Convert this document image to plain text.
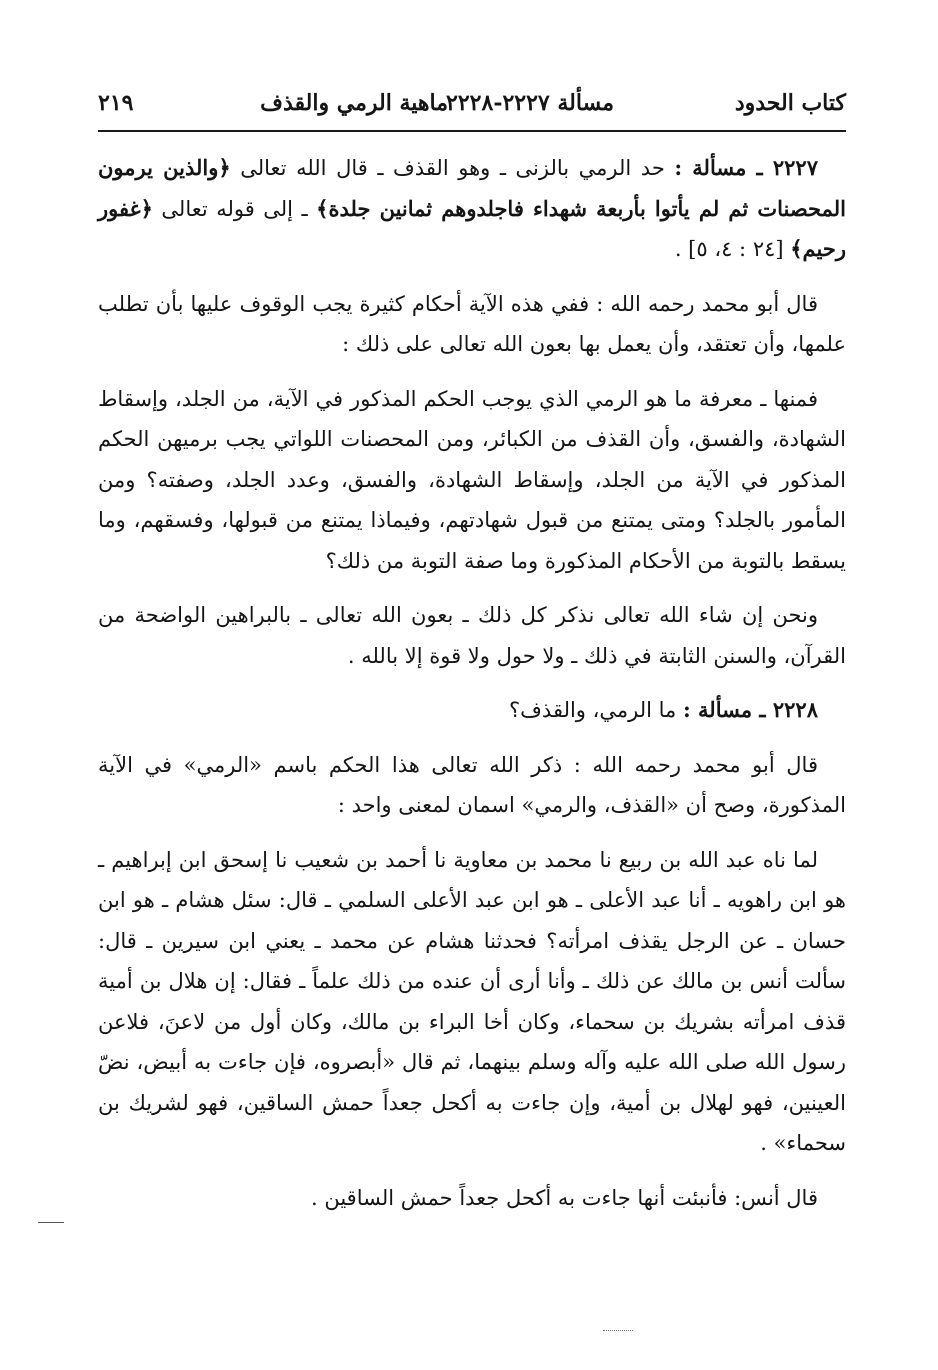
كتاب الحدود
مسألة ٢٢٢٧-٢٢٢٨
ماهية الرمي والقذف
٢١٩

٢٢٢٧ ـ مسألة : حد الرمي بالزنى ـ وهو القذف ـ قال الله تعالى ﴿والذين يرمون المحصنات ثم لم يأتوا بأربعة شهداء فاجلدوهم ثمانين جلدة﴾ ـ إلى قوله تعالى ﴿غفور رحيم﴾ [٢٤ : ٤، ٥] .

قال أبو محمد رحمه الله : ففي هذه الآية أحكام كثيرة يجب الوقوف عليها بأن تطلب علمها، وأن تعتقد، وأن يعمل بها بعون الله تعالى على ذلك :

فمنها ـ معرفة ما هو الرمي الذي يوجب الحكم المذكور في الآية، من الجلد، وإسقاط الشهادة، والفسق، وأن القذف من الكبائر، ومن المحصنات اللواتي يجب برميهن الحكم المذكور في الآية من الجلد، وإسقاط الشهادة، والفسق، وعدد الجلد، وصفته؟ ومن المأمور بالجلد؟ ومتى يمتنع من قبول شهادتهم، وفيماذا يمتنع من قبولها، وفسقهم، وما يسقط بالتوبة من الأحكام المذكورة وما صفة التوبة من ذلك؟

ونحن إن شاء الله تعالى نذكر كل ذلك ـ بعون الله تعالى ـ بالبراهين الواضحة من القرآن، والسنن الثابتة في ذلك ـ ولا حول ولا قوة إلا بالله .

٢٢٢٨ ـ مسألة : ما الرمي، والقذف؟

قال أبو محمد رحمه الله : ذكر الله تعالى هذا الحكم باسم «الرمي» في الآية المذكورة، وصح أن «القذف، والرمي» اسمان لمعنى واحد :

لما ناه عبد الله بن ربيع نا محمد بن معاوية نا أحمد بن شعيب نا إسحق ابن إبراهيم ـ هو ابن راهويه ـ أنا عبد الأعلى ـ هو ابن عبد الأعلى السلمي ـ قال: سئل هشام ـ هو ابن حسان ـ عن الرجل يقذف امرأته؟ فحدثنا هشام عن محمد ـ يعني ابن سيرين ـ قال: سألت أنس بن مالك عن ذلك ـ وأنا أرى أن عنده من ذلك علماً ـ فقال: إن هلال بن أمية قذف امرأته بشريك بن سحماء، وكان أخا البراء بن مالك، وكان أول من لاعنَ، فلاعن رسول الله صلى الله عليه وآله وسلم بينهما، ثم قال «أبصروه، فإن جاءت به أبيض، نضّ العينين، فهو لهلال بن أمية، وإن جاءت به أكحل جعداً حمش الساقين، فهو لشريك بن سحماء» .

قال أنس: فأنبئت أنها جاءت به أكحل جعداً حمش الساقين .
